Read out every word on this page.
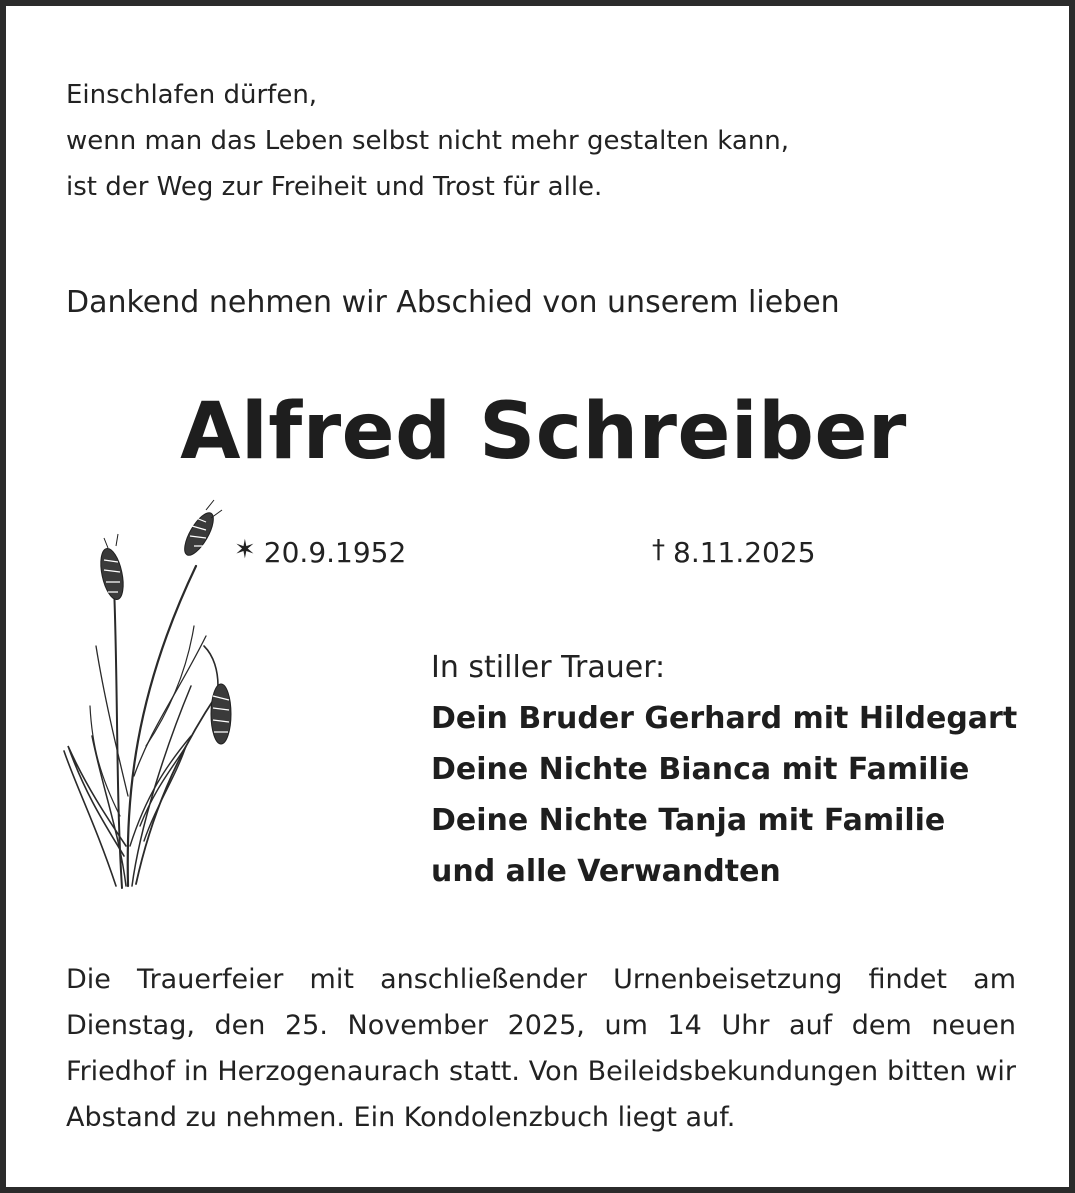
Einschlafen dürfen,
wenn man das Leben selbst nicht mehr gestalten kann,
ist der Weg zur Freiheit und Trost für alle.
Dankend nehmen wir Abschied von unserem lieben
Alfred Schreiber
✶ 20.9.1952	† 8.11.2025
In stiller Trauer:
Dein Bruder Gerhard mit Hildegart
Deine Nichte Bianca mit Familie
Deine Nichte Tanja mit Familie
und alle Verwandten
Die Trauerfeier mit anschließender Urnenbeisetzung findet am Dienstag, den 25. November 2025, um 14 Uhr auf dem neuen Friedhof in Herzogenaurach statt. Von Beileidsbekundungen bitten wir Abstand zu nehmen. Ein Kondolenzbuch liegt auf.
